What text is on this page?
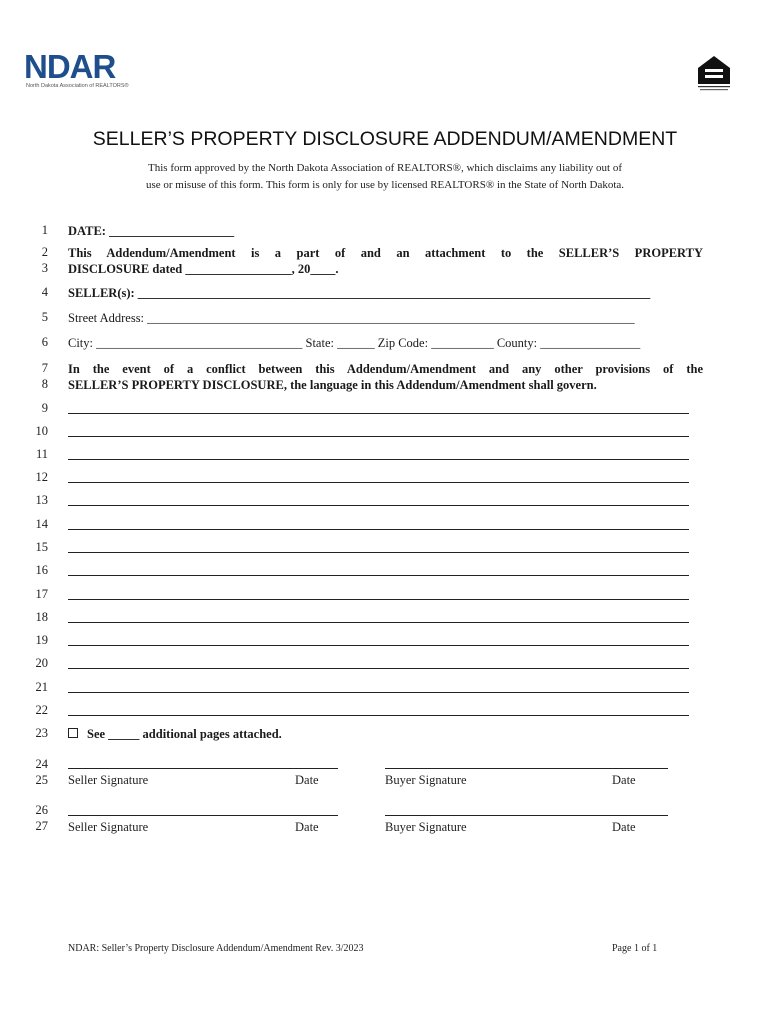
NDAR
North Dakota Association of REALTORS®
SELLER’S PROPERTY DISCLOSURE ADDENDUM/AMENDMENT
This form approved by the North Dakota Association of REALTORS®, which disclaims any liability out of
use or misuse of this form. This form is only for use by licensed REALTORS® in the State of North Dakota.
1
2
3
4
5
6
7
8
9
10
11
12
13
14
15
16
17
18
19
20
21
22
23
24
25
26
27
DATE: ____________________
This Addendum/Amendment is a part of and an attachment to the SELLER’S PROPERTY
DISCLOSURE dated _________________, 20____.
SELLER(s): __________________________________________________________________________________
Street Address: ______________________________________________________________________________
City: _________________________________ State: ______ Zip Code: __________ County: ________________
In the event of a conflict between this Addendum/Amendment and any other provisions of the
SELLER’S PROPERTY DISCLOSURE, the language in this Addendum/Amendment shall govern.
See _____ additional pages attached.
Seller Signature	Date	Buyer Signature	Date
Seller Signature	Date	Buyer Signature	Date
NDAR: Seller’s Property Disclosure Addendum/Amendment Rev. 3/2023	Page 1 of 1
